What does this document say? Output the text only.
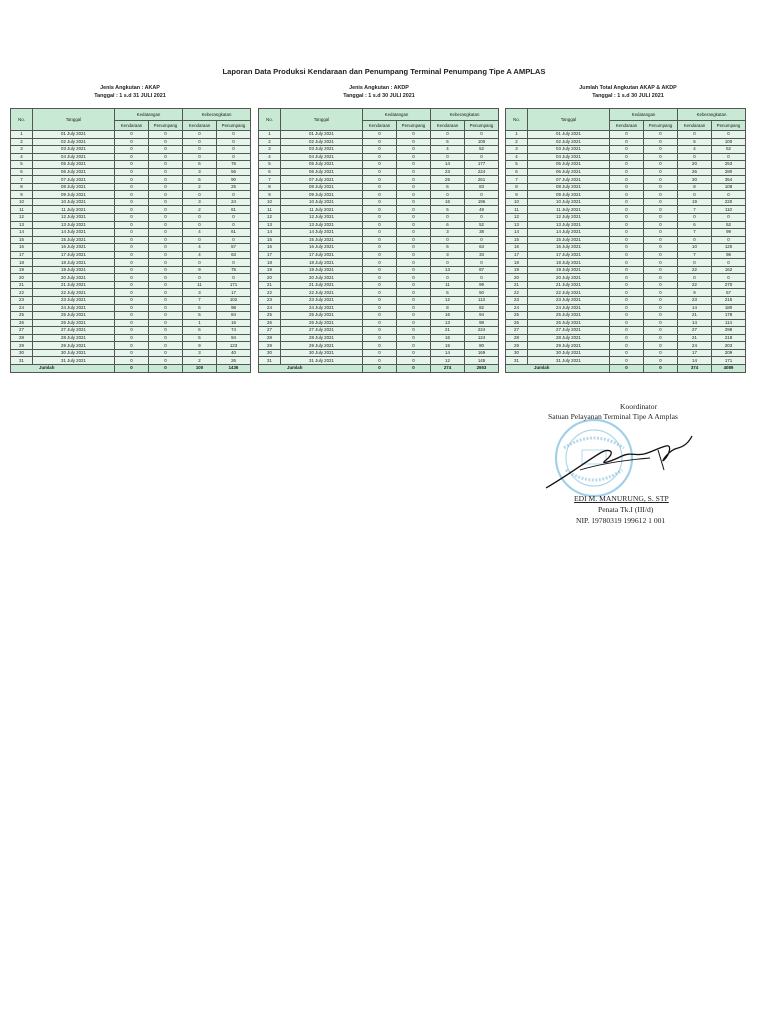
Laporan Data Produksi Kendaraan dan Penumpang Terminal Penumpang Tipe A AMPLAS
Jenis Angkutan : AKAP
Tanggal : 1 s.d 31 JULI 2021
Jenis Angkutan : AKDP
Tanggal : 1 s.d 30 JULI 2021
Jumlah Total Angkutan AKAP & AKDP
Tanggal : 1 s.d 30 JULI 2021
No.	Tanggal	Kedatangan		Keberangkatan	
		Kendaraan	Penumpang	Kendaraan	Penumpang
1	01 July 2021	0	0	0	0
2	02 July 2021	0	0	0	0
3	03 July 2021	0	0	0	0
4	04 July 2021	0	0	0	0
5	05 July 2021	0	0	6	76
6	06 July 2021	0	0	3	56
7	07 July 2021	0	0	5	90
8	08 July 2021	0	0	2	25
9	09 July 2021	0	0	0	0
10	10 July 2021	0	0	3	24
11	11 July 2021	0	0	2	61
12	12 July 2021	0	0	0	0
13	13 July 2021	0	0	0	0
14	14 July 2021	0	0	4	61
15	15 July 2021	0	0	0	0
16	16 July 2021	0	0	4	57
17	17 July 2021	0	0	4	63
18	18 July 2021	0	0	0	0
19	19 July 2021	0	0	9	75
20	20 July 2021	0	0	0	0
21	21 July 2021	0	0	11	171
22	22 July 2021	0	0	3	17
23	23 July 2021	0	0	7	102
24	24 July 2021	0	0	6	98
25	25 July 2021	0	0	5	84
26	26 July 2021	0	0	1	16
27	27 July 2021	0	0	6	74
28	28 July 2021	0	0	5	94
29	29 July 2021	0	0	9	123
30	30 July 2021	0	0	3	40
31	31 July 2021	0	0	2	26
Jumlah		0	0	100	1436
No.	Tanggal	Kedatangan		Keberangkatan	
		Kendaraan	Penumpang	Kendaraan	Penumpang
1	01 July 2021	0	0	0	0
2	02 July 2021	0	0	5	100
3	03 July 2021	0	0	4	52
4	04 July 2021	0	0	0	0
5	05 July 2021	0	0	14	177
6	06 July 2021	0	0	23	224
7	07 July 2021	0	0	25	261
8	08 July 2021	0	0	6	83
9	09 July 2021	0	0	0	0
10	10 July 2021	0	0	16	196
11	11 July 2021	0	0	5	49
12	12 July 2021	0	0	0	0
13	13 July 2021	0	0	6	52
14	14 July 2021	0	0	3	38
15	15 July 2021	0	0	0	0
16	16 July 2021	0	0	6	63
17	17 July 2021	0	0	3	33
18	18 July 2021	0	0	0	0
19	19 July 2021	0	0	13	87
20	20 July 2021	0	0	0	0
21	21 July 2021	0	0	11	99
22	22 July 2021	0	0	6	50
23	23 July 2021	0	0	12	113
24	24 July 2021	0	0	8	82
25	25 July 2021	0	0	16	94
26	26 July 2021	0	0	13	98
27	27 July 2021	0	0	21	224
28	28 July 2021	0	0	16	124
29	29 July 2021	0	0	15	80
30	30 July 2021	0	0	14	169
31	31 July 2021	0	0	12	145
Jumlah		0	0	274	2653
No.	Tanggal	Kedatangan		Keberangkatan	
		Kendaraan	Penumpang	Kendaraan	Penumpang
1	01 July 2021	0	0	0	0
2	02 July 2021	0	0	5	100
3	03 July 2021	0	0	4	52
4	04 July 2021	0	0	0	0
5	05 July 2021	0	0	20	253
6	06 July 2021	0	0	26	280
7	07 July 2021	0	0	30	354
8	08 July 2021	0	0	8	108
9	09 July 2021	0	0	0	0
10	10 July 2021	0	0	19	220
11	11 July 2021	0	0	7	110
12	12 July 2021	0	0	0	0
13	13 July 2021	0	0	6	52
14	14 July 2021	0	0	7	99
15	15 July 2021	0	0	0	0
16	16 July 2021	0	0	10	120
17	17 July 2021	0	0	7	96
18	18 July 2021	0	0	0	0
19	19 July 2021	0	0	22	162
20	20 July 2021	0	0	0	0
21	21 July 2021	0	0	22	270
22	22 July 2021	0	0	9	67
23	23 July 2021	0	0	23	215
24	24 July 2021	0	0	14	180
25	25 July 2021	0	0	21	178
26	26 July 2021	0	0	14	114
27	27 July 2021	0	0	27	298
28	28 July 2021	0	0	21	218
29	29 July 2021	0	0	24	203
30	30 July 2021	0	0	17	209
31	31 July 2021	0	0	14	171
Jumlah		0	0	374	4089
Koordinator
Satuan Pelayanan Terminal Tipe A Amplas
EDI M. MANURUNG, S. STP
Penata Tk.I (III/d)
NIP. 19780319 199612 1 001
